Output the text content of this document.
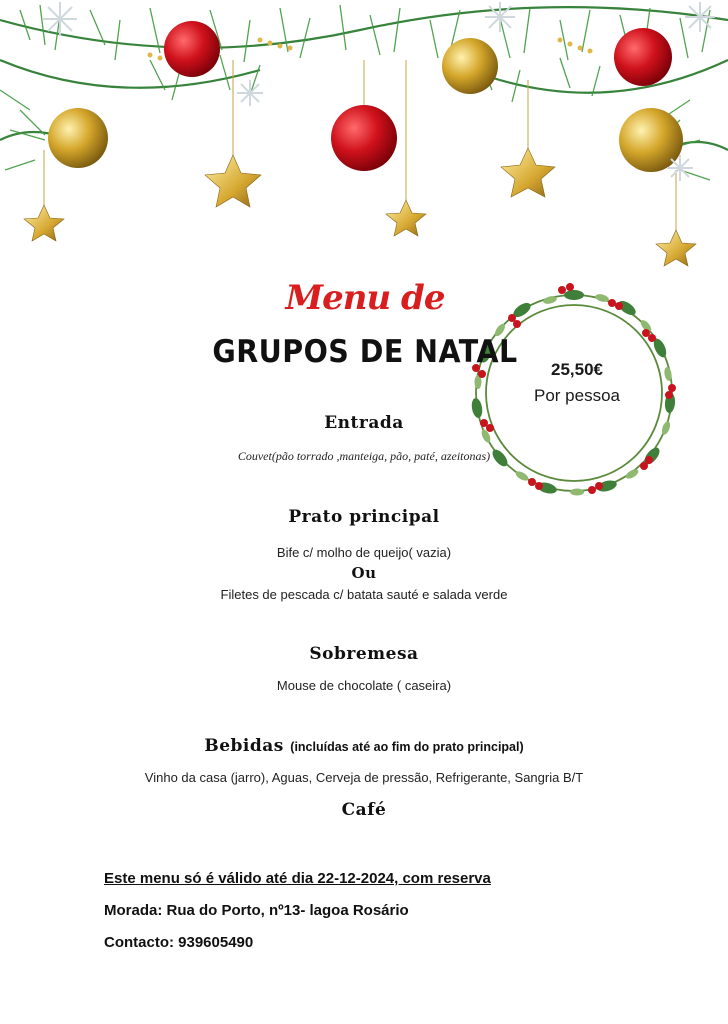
Menu de
GRUPOS DE NATAL	25,50€
Por pessoa
Entrada
Couvet(pão torrado ,manteiga, pão, paté, azeitonas)
Prato principal
Bife c/ molho de queijo( vazia)
Ou
Filetes de pescada c/ batata sauté e salada verde
Sobremesa
Mouse de chocolate ( caseira)
Bebidas (incluídas até ao fim do prato principal)
Vinho da casa (jarro), Aguas, Cerveja de pressão, Refrigerante, Sangria B/T
Café
Este menu só é válido até dia 22-12-2024, com reserva
Morada: Rua do Porto, nº13- lagoa Rosário
Contacto: 939605490
